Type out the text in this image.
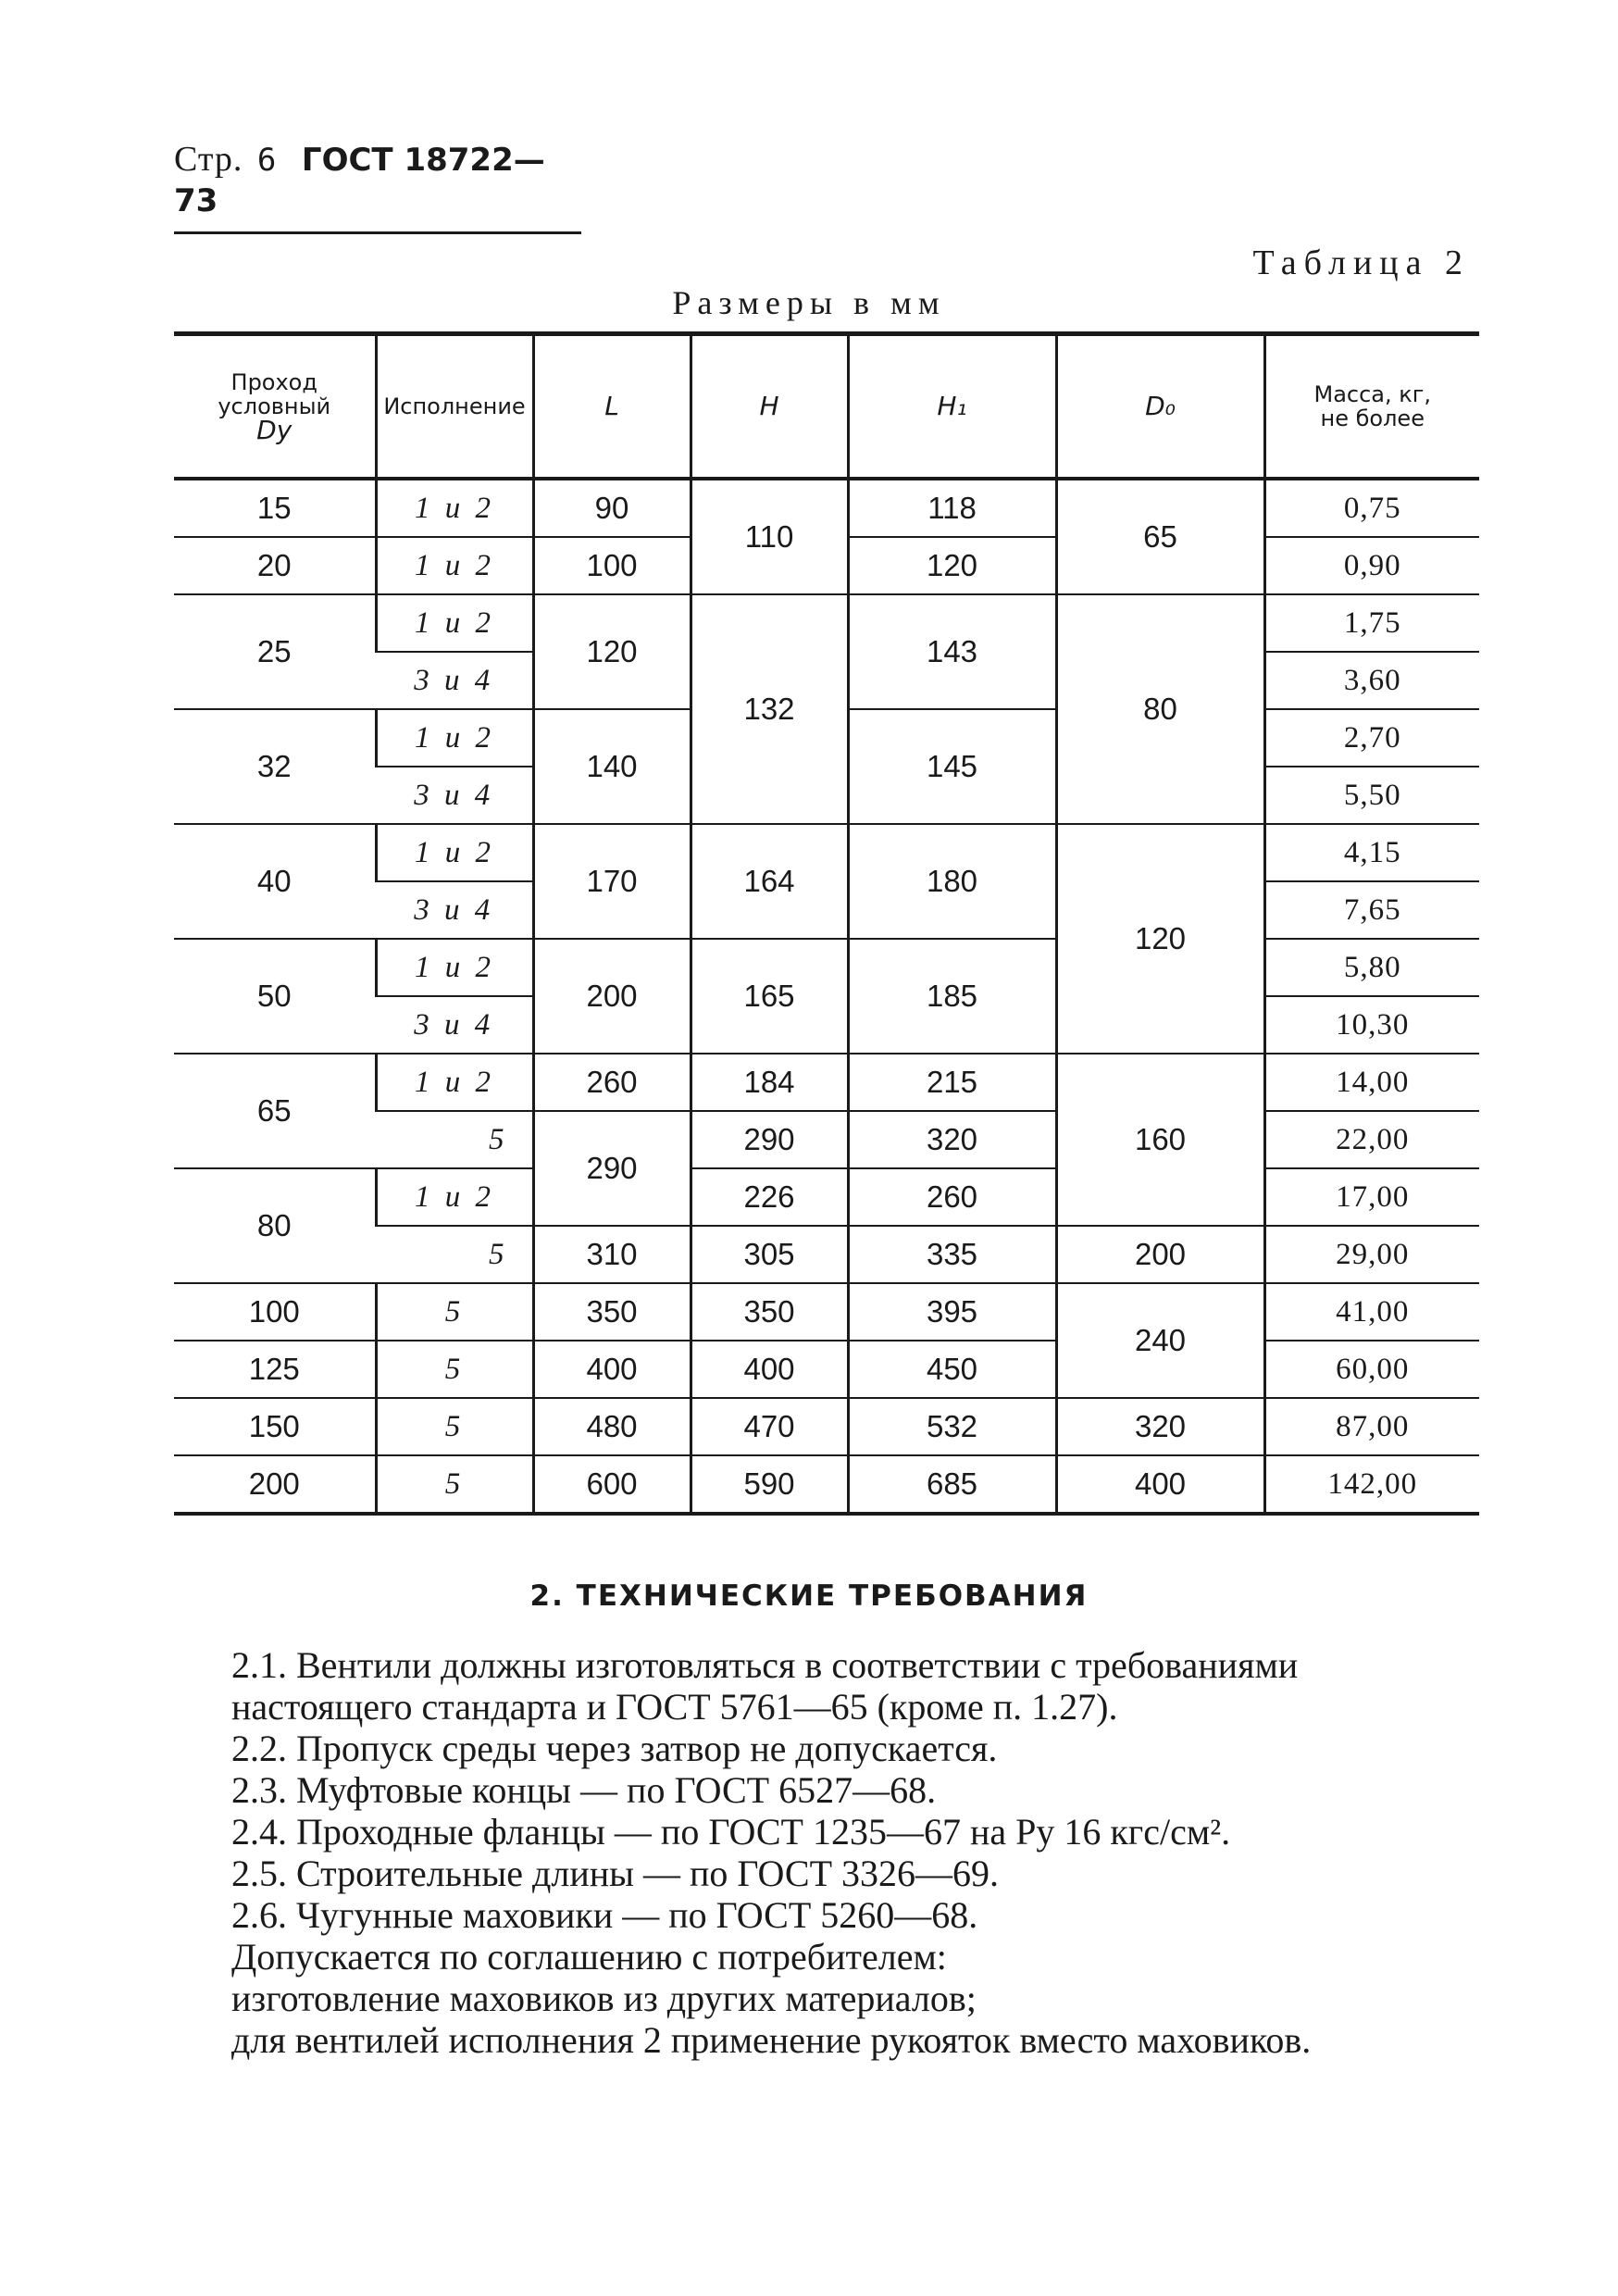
Стр. 6 ГОСТ 18722—73
Таблица 2
Размеры в мм
Проход
условный
Dу	Исполнение	L	H	H₁	D₀	Масса, кг,
не более
15	1 и 2	90	110	118	65	0,75
20	1 и 2	100		120		0,90
25	1 и 2	120	132	143	80	1,75
	3 и 4					3,60
32	1 и 2	140		145		2,70
	3 и 4					5,50
40	1 и 2	170	164	180	120	4,15
	3 и 4					7,65
50	1 и 2	200	165	185		5,80
	3 и 4					10,30
65	1 и 2	260	184	215	160	14,00
	5	290	290	320		22,00
80	1 и 2		226	260		17,00
	5	310	305	335	200	29,00
100	5	350	350	395	240	41,00
125	5	400	400	450		60,00
150	5	480	470	532	320	87,00
200	5	600	590	685	400	142,00
2. ТЕХНИЧЕСКИЕ ТРЕБОВАНИЯ
2.1. Вентили должны изготовляться в соответствии с требованиями настоящего стандарта и ГОСТ 5761—65 (кроме п. 1.27).
2.2. Пропуск среды через затвор не допускается.
2.3. Муфтовые концы — по ГОСТ 6527—68.
2.4. Проходные фланцы — по ГОСТ 1235—67 на Pу 16 кгс/см².
2.5. Строительные длины — по ГОСТ 3326—69.
2.6. Чугунные маховики — по ГОСТ 5260—68.
Допускается по соглашению с потребителем:
изготовление маховиков из других материалов;
для вентилей исполнения 2 применение рукояток вместо маховиков.
